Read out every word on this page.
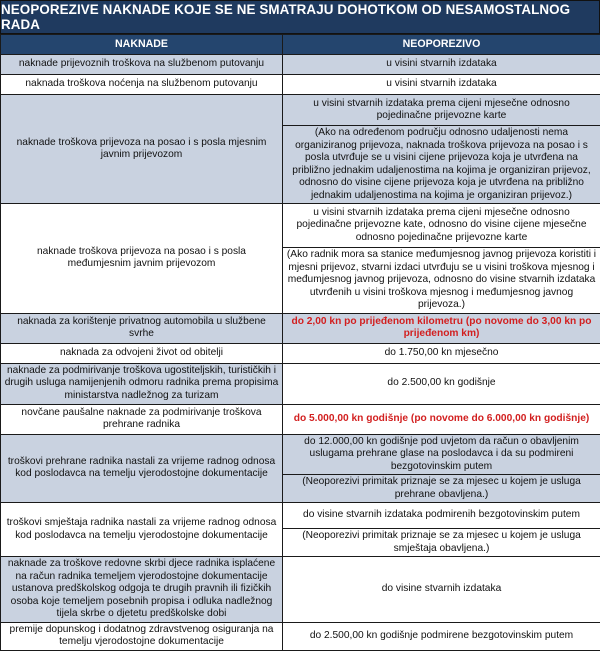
NEOPOREZIVE NAKNADE KOJE SE NE SMATRAJU DOHOTKOM OD NESAMOSTALNOG RADA
NAKNADE	NEOPOREZIVO
naknade prijevoznih troškova na službenom putovanju	u visini stvarnih izdataka
naknada troškova noćenja na službenom putovanju	u visini stvarnih izdataka
naknade troškova prijevoza na posao i s posla mjesnim javnim prijevozom	u visini stvarnih izdataka prema cijeni mjesečne odnosno pojedinačne prijevozne karte
	(Ako na određenom području odnosno udaljenosti nema organiziranog prijevoza, naknada troškova prijevoza na posao i s posla utvrđuje se u visini cijene prijevoza koja je utvrđena na približno jednakim udaljenostima na kojima je organiziran prijevoz, odnosno do visine cijene prijevoza koja je utvrđena na približno jednakim udaljenostima na kojima je organiziran prijevoz.)
naknade troškova prijevoza na posao i s posla međumjesnim javnim prijevozom	u visini stvarnih izdataka prema cijeni mjesečne odnosno pojedinačne prijevozne kate, odnosno do visine cijene mjesečne odnosno pojedinačne prijevozne karte
	(Ako radnik mora sa stanice međumjesnog javnog prijevoza koristiti i mjesni prijevoz, stvarni izdaci utvrđuju se u visini troškova mjesnog i međumjesnog javnog prijevoza, odnosno do visine stvarnih izdataka utvrđenih u visini troškova mjesnog i međumjesnog javnog prijevoza.)
naknada za korištenje privatnog automobila u službene svrhe	do 2,00 kn po prijeđenom kilometru (po novome do 3,00 kn po prijeđenom km)
naknada za odvojeni život od obitelji	do 1.750,00 kn mjesečno
naknade za podmirivanje troškova ugostiteljskih, turističkih i drugih usluga namijenjenih odmoru radnika prema propisima ministarstva nadležnog za turizam	do 2.500,00 kn godišnje
novčane paušalne naknade za podmirivanje troškova prehrane radnika	do 5.000,00 kn godišnje (po novome do 6.000,00 kn godišnje)
troškovi prehrane radnika nastali za vrijeme radnog odnosa kod poslodavca na temelju vjerodostojne dokumentacije	do 12.000,00 kn godišnje pod uvjetom da račun o obavljenim uslugama prehrane glase na poslodavca i da su podmireni bezgotovinskim putem
	(Neoporezivi primitak priznaje se za mjesec u kojem je usluga prehrane obavljena.)
troškovi smještaja radnika nastali za vrijeme radnog odnosa kod poslodavca na temelju vjerodostojne dokumentacije	do visine stvarnih izdataka podmirenih bezgotovinskim putem
	(Neoporezivi primitak priznaje se za mjesec u kojem je usluga smještaja obavljena.)
naknade za troškove redovne skrbi djece radnika isplaćene na račun radnika temeljem vjerodostojne dokumentacije ustanova predškolskog odgoja te drugih pravnih ili fizičkih osoba koje temeljem posebnih propisa i odluka nadležnog tijela skrbe o djetetu predškolske dobi	do visine stvarnih izdataka
premije dopunskog i dodatnog zdravstvenog osiguranja na temelju vjerodostojne dokumentacije	do 2.500,00 kn godišnje podmirene bezgotovinskim putem
